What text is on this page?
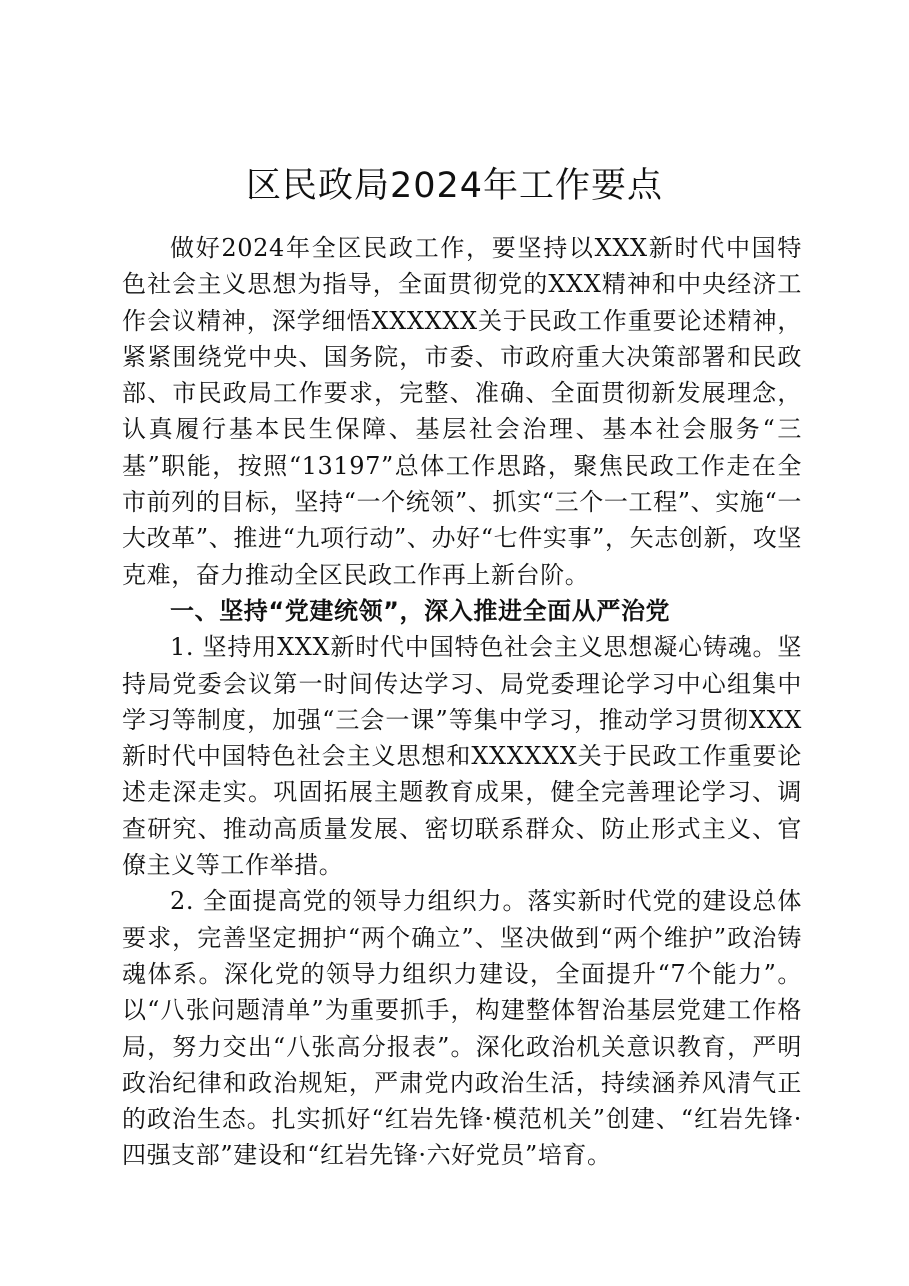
区民政局2024年工作要点

做好2024年全区民政工作，要坚持以XXX新时代中国特色社会主义思想为指导，全面贯彻党的XXX精神和中央经济工作会议精神，深学细悟XXXXXX关于民政工作重要论述精神，紧紧围绕党中央、国务院，市委、市政府重大决策部署和民政部、市民政局工作要求，完整、准确、全面贯彻新发展理念，认真履行基本民生保障、基层社会治理、基本社会服务“三基”职能，按照“13197”总体工作思路，聚焦民政工作走在全市前列的目标，坚持“一个统领”、抓实“三个一工程”、实施“一大改革”、推进“九项行动”、办好“七件实事”，矢志创新，攻坚克难，奋力推动全区民政工作再上新台阶。

一、坚持“党建统领”，深入推进全面从严治党

1. 坚持用XXX新时代中国特色社会主义思想凝心铸魂。坚持局党委会议第一时间传达学习、局党委理论学习中心组集中学习等制度，加强“三会一课”等集中学习，推动学习贯彻XXX新时代中国特色社会主义思想和XXXXXX关于民政工作重要论述走深走实。巩固拓展主题教育成果，健全完善理论学习、调查研究、推动高质量发展、密切联系群众、防止形式主义、官僚主义等工作举措。

2. 全面提高党的领导力组织力。落实新时代党的建设总体要求，完善坚定拥护“两个确立”、坚决做到“两个维护”政治铸魂体系。深化党的领导力组织力建设，全面提升“7个能力”。以“八张问题清单”为重要抓手，构建整体智治基层党建工作格局，努力交出“八张高分报表”。深化政治机关意识教育，严明政治纪律和政治规矩，严肃党内政治生活，持续涵养风清气正的政治生态。扎实抓好“红岩先锋·模范机关”创建、“红岩先锋·四强支部”建设和“红岩先锋·六好党员”培育。
